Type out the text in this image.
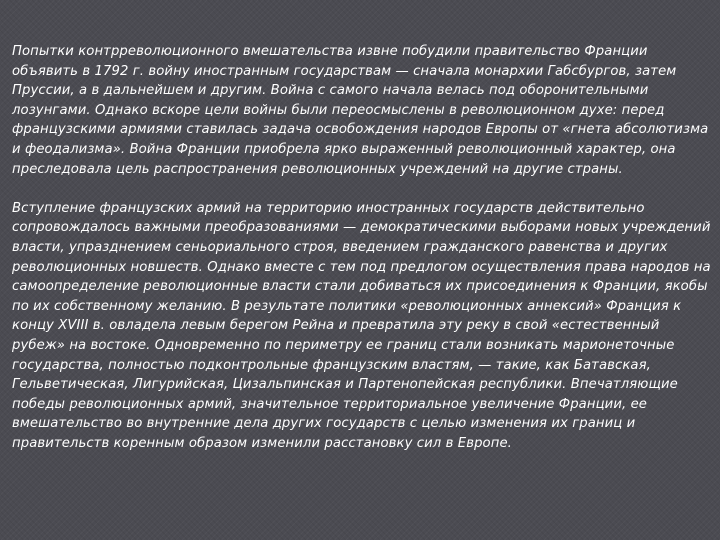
Попытки контрреволюционного вмешательства извне побудили правительство Франции объявить в 1792 г. войну иностранным государствам — сначала монархии Габсбургов, затем Пруссии, а в дальнейшем и другим. Война с самого начала велась под оборонительными лозунгами. Однако вскоре цели войны были переосмыслены в революционном духе: перед французскими армиями ставилась задача освобождения народов Европы от «гнета абсолютизма и феодализма». Война Франции приобрела ярко выраженный революционный характер, она преследовала цель распространения революционных учреждений на другие страны.

Вступление французских армий на территорию иностранных государств действительно сопровождалось важными преобразованиями — демократическими выборами новых учреждений власти, упразднением сеньориального строя, введением гражданского равенства и других революционных новшеств. Однако вместе с тем под предлогом осуществления права народов на самоопределение революционные власти стали добиваться их присоединения к Франции, якобы по их собственному желанию. В результате политики «революционных аннексий» Франция к концу XVIII в. овладела левым берегом Рейна и превратила эту реку в свой «естественный рубеж» на востоке. Одновременно по периметру ее границ стали возникать марионеточные государства, полностью подконтрольные французским властям, — такие, как Батавская, Гельветическая, Лигурийская, Цизальпинская и Партенопейская республики. Впечатляющие победы революционных армий, значительное территориальное увеличение Франции, ее вмешательство во внутренние дела других государств с целью изменения их границ и правительств коренным образом изменили расстановку сил в Европе.
